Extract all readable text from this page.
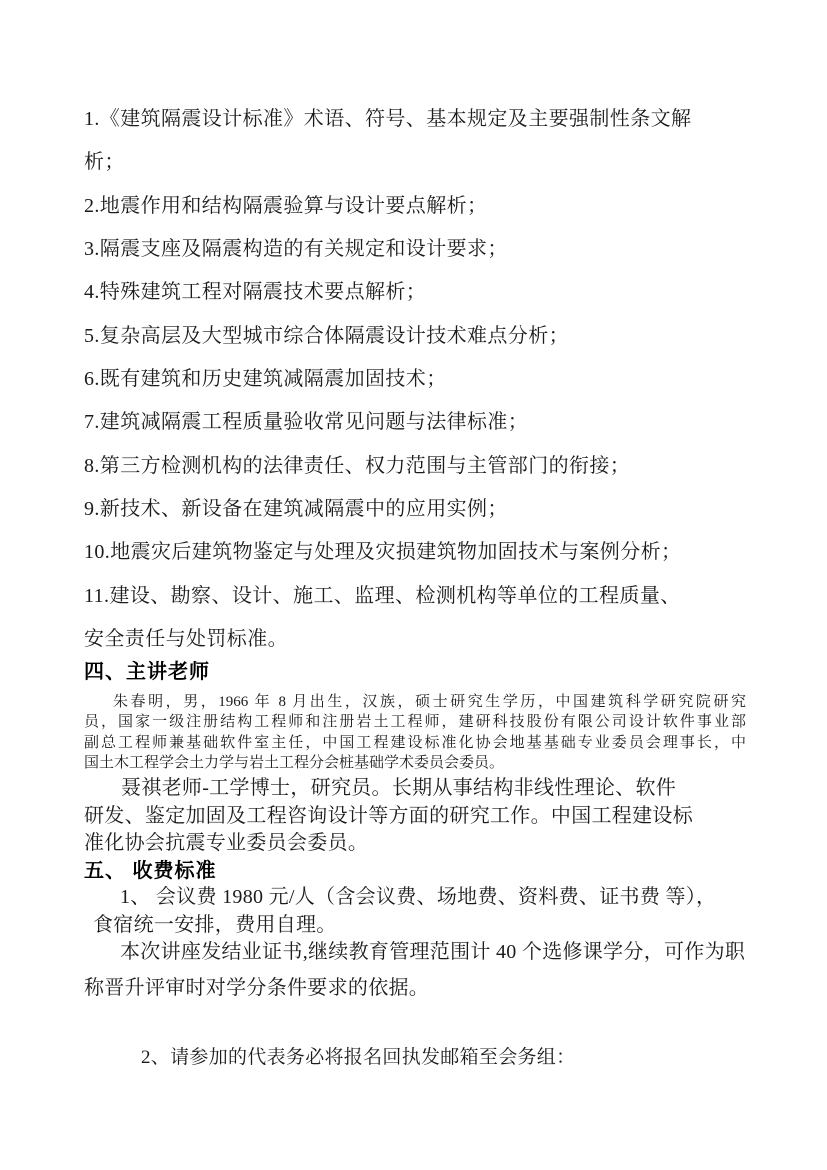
1.《建筑隔震设计标准》术语、符号、基本规定及主要强制性条文解
析；
2.地震作用和结构隔震验算与设计要点解析；
3.隔震支座及隔震构造的有关规定和设计要求；
4.特殊建筑工程对隔震技术要点解析；
5.复杂高层及大型城市综合体隔震设计技术难点分析；
6.既有建筑和历史建筑减隔震加固技术；
7.建筑减隔震工程质量验收常见问题与法律标准；
8.第三方检测机构的法律责任、权力范围与主管部门的衔接；
9.新技术、新设备在建筑减隔震中的应用实例；
10.地震灾后建筑物鉴定与处理及灾损建筑物加固技术与案例分析；
11.建设、勘察、设计、施工、监理、检测机构等单位的工程质量、
安全责任与处罚标准。
四、主讲老师
朱春明，男，1966 年 8 月出生，汉族，硕士研究生学历，中国建筑科学研究院研究
员，国家一级注册结构工程师和注册岩土工程师，建研科技股份有限公司设计软件事业部
副总工程师兼基础软件室主任，中国工程建设标准化协会地基基础专业委员会理事长，中
国土木工程学会土力学与岩土工程分会桩基础学术委员会委员。
聂祺老师-工学博士，研究员。长期从事结构非线性理论、软件
研发、鉴定加固及工程咨询设计等方面的研究工作。中国工程建设标
准化协会抗震专业委员会委员。
五、 收费标准
1、 会议费 1980 元/人（含会议费、场地费、资料费、证书费 等），
食宿统一安排，费用自理。
本次讲座发结业证书,继续教育管理范围计 40 个选修课学分，可作为职
称晋升评审时对学分条件要求的依据。
2、请参加的代表务必将报名回执发邮箱至会务组：
